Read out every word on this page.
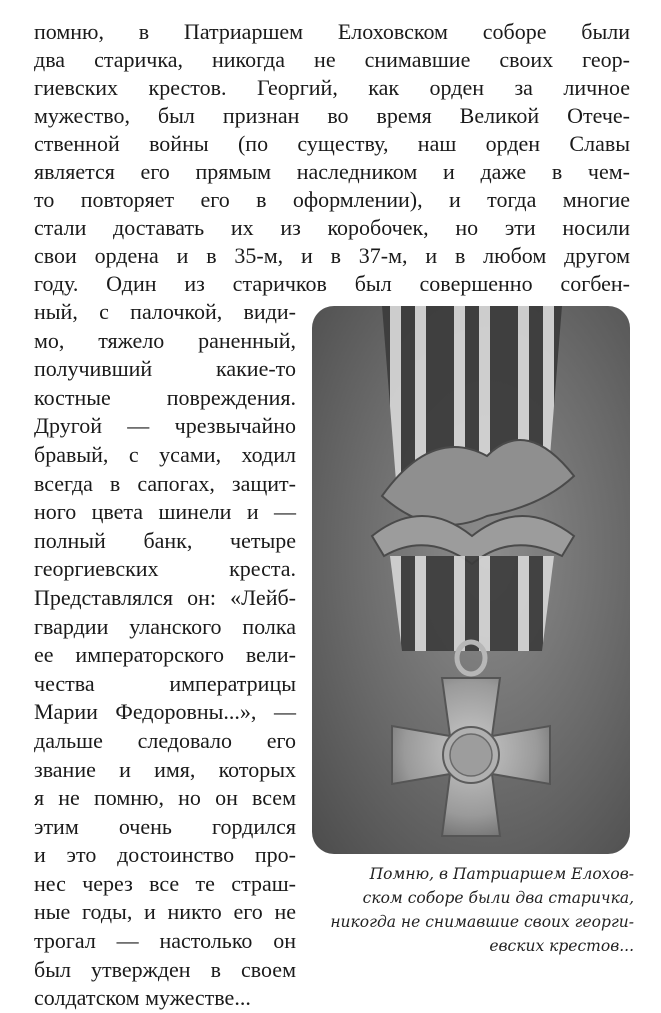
помню, в Патриаршем Елоховском соборе были
два старичка, никогда не снимавшие своих геор-
гиевских крестов. Георгий, как орден за личное
мужество, был признан во время Великой Отече-
ственной войны (по существу, наш орден Славы
является его прямым наследником и даже в чем-
то повторяет его в оформлении), и тогда многие
стали доставать их из коробочек, но эти носили
свои ордена и в 35-м, и в 37-м, и в любом другом
году. Один из старичков был совершенно согбен-
ный, с палочкой, види-
мо, тяжело раненный,
получивший какие-то
костные повреждения.
Другой — чрезвычайно
бравый, с усами, ходил
всегда в сапогах, защит-
ного цвета шинели и —
полный банк, четыре
георгиевских креста.
Представлялся он: «Лейб-
гвардии уланского полка
ее императорского вели-
чества императрицы
Марии Федоровны...», —
дальше следовало его
звание и имя, которых
я не помню, но он всем
этим очень гордился
и это достоинство про-
нес через все те страш-
ные годы, и никто его не
трогал — настолько он
был утвержден в своем
солдатском мужестве...
Помню, в Патриаршем Елохов-
ском соборе были два старичка,
никогда не снимавшие своих георги-
евских крестов...
